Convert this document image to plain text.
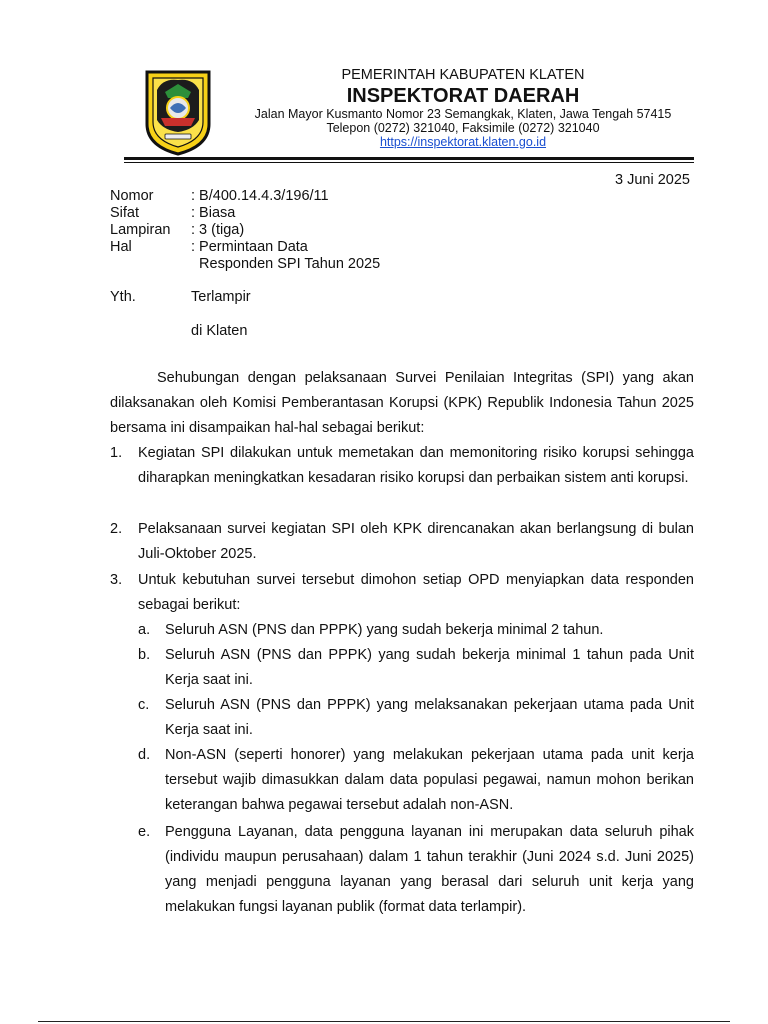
PEMERINTAH KABUPATEN KLATEN
INSPEKTORAT DAERAH
Jalan Mayor Kusmanto Nomor 23 Semangkak, Klaten, Jawa Tengah 57415
Telepon (0272) 321040, Faksimile (0272) 321040
https://inspektorat.klaten.go.id
3 Juni 2025
Nomor	: B/400.14.4.3/196/11
Sifat	: Biasa
Lampiran : 3 (tiga)
Hal	: Permintaan Data
Responden SPI Tahun 2025
Yth.	Terlampir
di Klaten
Sehubungan dengan pelaksanaan Survei Penilaian Integritas (SPI) yang akan dilaksanakan oleh Komisi Pemberantasan Korupsi (KPK) Republik Indonesia Tahun 2025 bersama ini disampaikan hal-hal sebagai berikut:
1. Kegiatan SPI dilakukan untuk memetakan dan memonitoring risiko korupsi sehingga diharapkan meningkatkan kesadaran risiko korupsi dan perbaikan sistem anti korupsi.
2. Pelaksanaan survei kegiatan SPI oleh KPK direncanakan akan berlangsung di bulan Juli-Oktober 2025.
3. Untuk kebutuhan survei tersebut dimohon setiap OPD menyiapkan data responden sebagai berikut:
a. Seluruh ASN (PNS dan PPPK) yang sudah bekerja minimal 2 tahun.
b. Seluruh ASN (PNS dan PPPK) yang sudah bekerja minimal 1 tahun pada Unit Kerja saat ini.
c. Seluruh ASN (PNS dan PPPK) yang melaksanakan pekerjaan utama pada Unit Kerja saat ini.
d. Non-ASN (seperti honorer) yang melakukan pekerjaan utama pada unit kerja tersebut wajib dimasukkan dalam data populasi pegawai, namun mohon berikan keterangan bahwa pegawai tersebut adalah non-ASN.
e. Pengguna Layanan, data pengguna layanan ini merupakan data seluruh pihak (individu maupun perusahaan) dalam 1 tahun terakhir (Juni 2024 s.d. Juni 2025) yang menjadi pengguna layanan yang berasal dari seluruh unit kerja yang melakukan fungsi layanan publik (format data terlampir).
